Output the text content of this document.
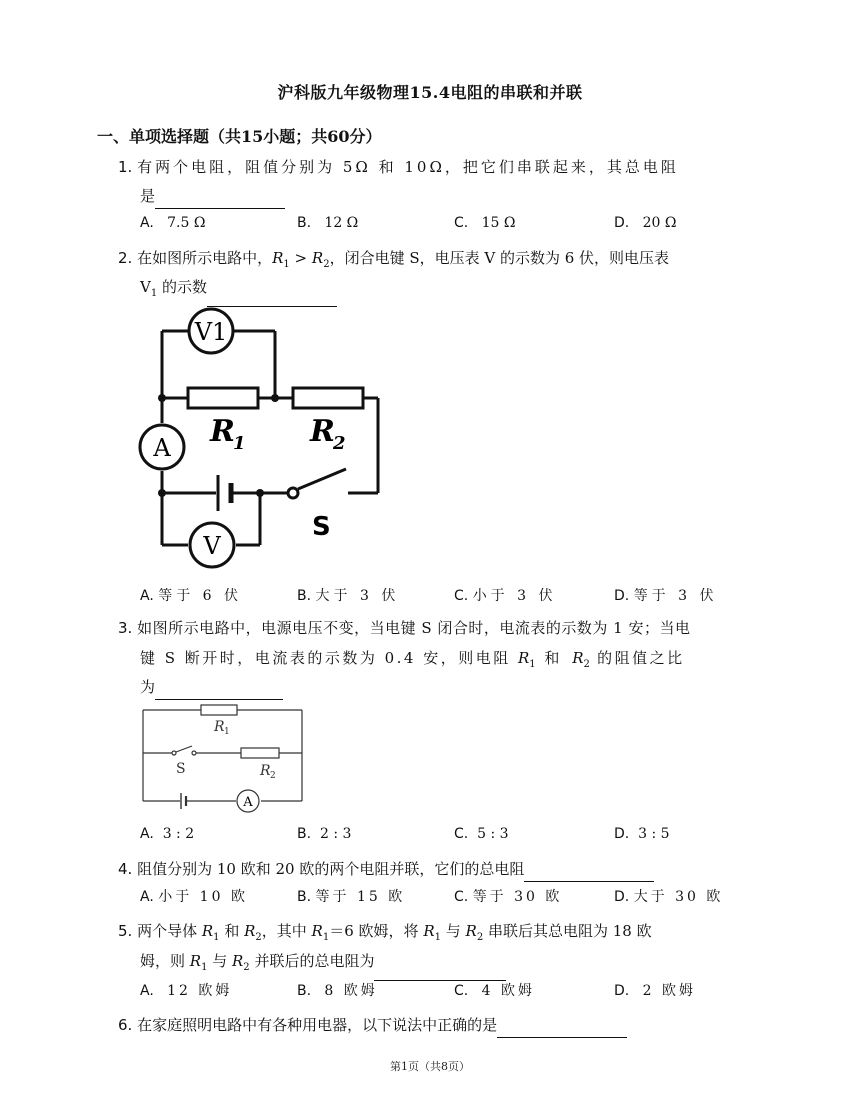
沪科版九年级物理15.4电阻的串联和并联
一、单项选择题（共15小题；共60分）
1. 有两个电阻，阻值分别为 5Ω 和 10Ω，把它们串联起来，其总电阻
是
A. 7.5 Ω	B. 12 Ω	C. 15 Ω	D. 20 Ω
2. 在如图所示电路中，$R_1 > R_2$，闭合电键 S，电压表 V 的示数为 6 伏，则电压表
$V_1$ 的示数
V1
A
V
R
1 R
2
S
A. 等于 6 伏	B. 大于 3 伏	C. 小于 3 伏	D. 等于 3 伏
3. 如图所示电路中，电源电压不变，当电键 S 闭合时，电流表的示数为 1 安；当电
键 S 断开时，电流表的示数为 0.4 安，则电阻 $R_1$ 和 $R_2$ 的阻值之比
为
A
R 1
R 2
S
A. 3 : 2	B. 2 : 3	C. 5 : 3	D. 3 : 5
4. 阻值分别为 10 欧和 20 欧的两个电阻并联，它们的总电阻
A. 小于 10 欧	B. 等于 15 欧	C. 等于 30 欧	D. 大于 30 欧
5. 两个导体 $R_1$ 和 $R_2$，其中 $R_1=6$ 欧姆，将 $R_1$ 与 $R_2$ 串联后其总电阻为 18 欧
姆，则 $R_1$ 与 $R_2$ 并联后的总电阻为
A. 12 欧姆	B. 8 欧姆	C. 4 欧姆	D. 2 欧姆
6. 在家庭照明电路中有各种用电器，以下说法中正确的是
第1页（共8页）
